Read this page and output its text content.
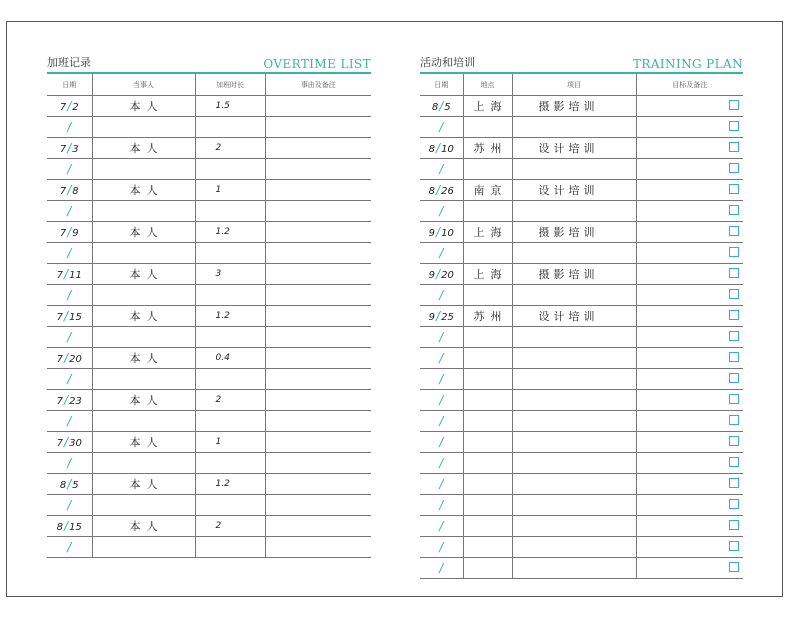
加班记录	OVERTIME LIST
日期	当事人	加班时长	事由及备注
7/2	本人	1.5	
/			
7/3	本人	2	
/			
7/8	本人	1	
/			
7/9	本人	1.2	
/			
7/11	本人	3	
/			
7/15	本人	1.2	
/			
7/20	本人	0.4	
/			
7/23	本人	2	
/			
7/30	本人	1	
/			
8/5	本人	1.2	
/			
8/15	本人	2	
/			
活动和培训	TRAINING PLAN
日期	地点	项目	目标及备注
8/5	上海	摄影培训	

/			

8/10	苏州	设计培训	

/			

8/26	南京	设计培训	

/			

9/10	上海	摄影培训	

/			

9/20	上海	摄影培训	

/			

9/25	苏州	设计培训	

/			

/			

/			

/			

/			

/			

/			

/			

/			

/			

/			

/			
